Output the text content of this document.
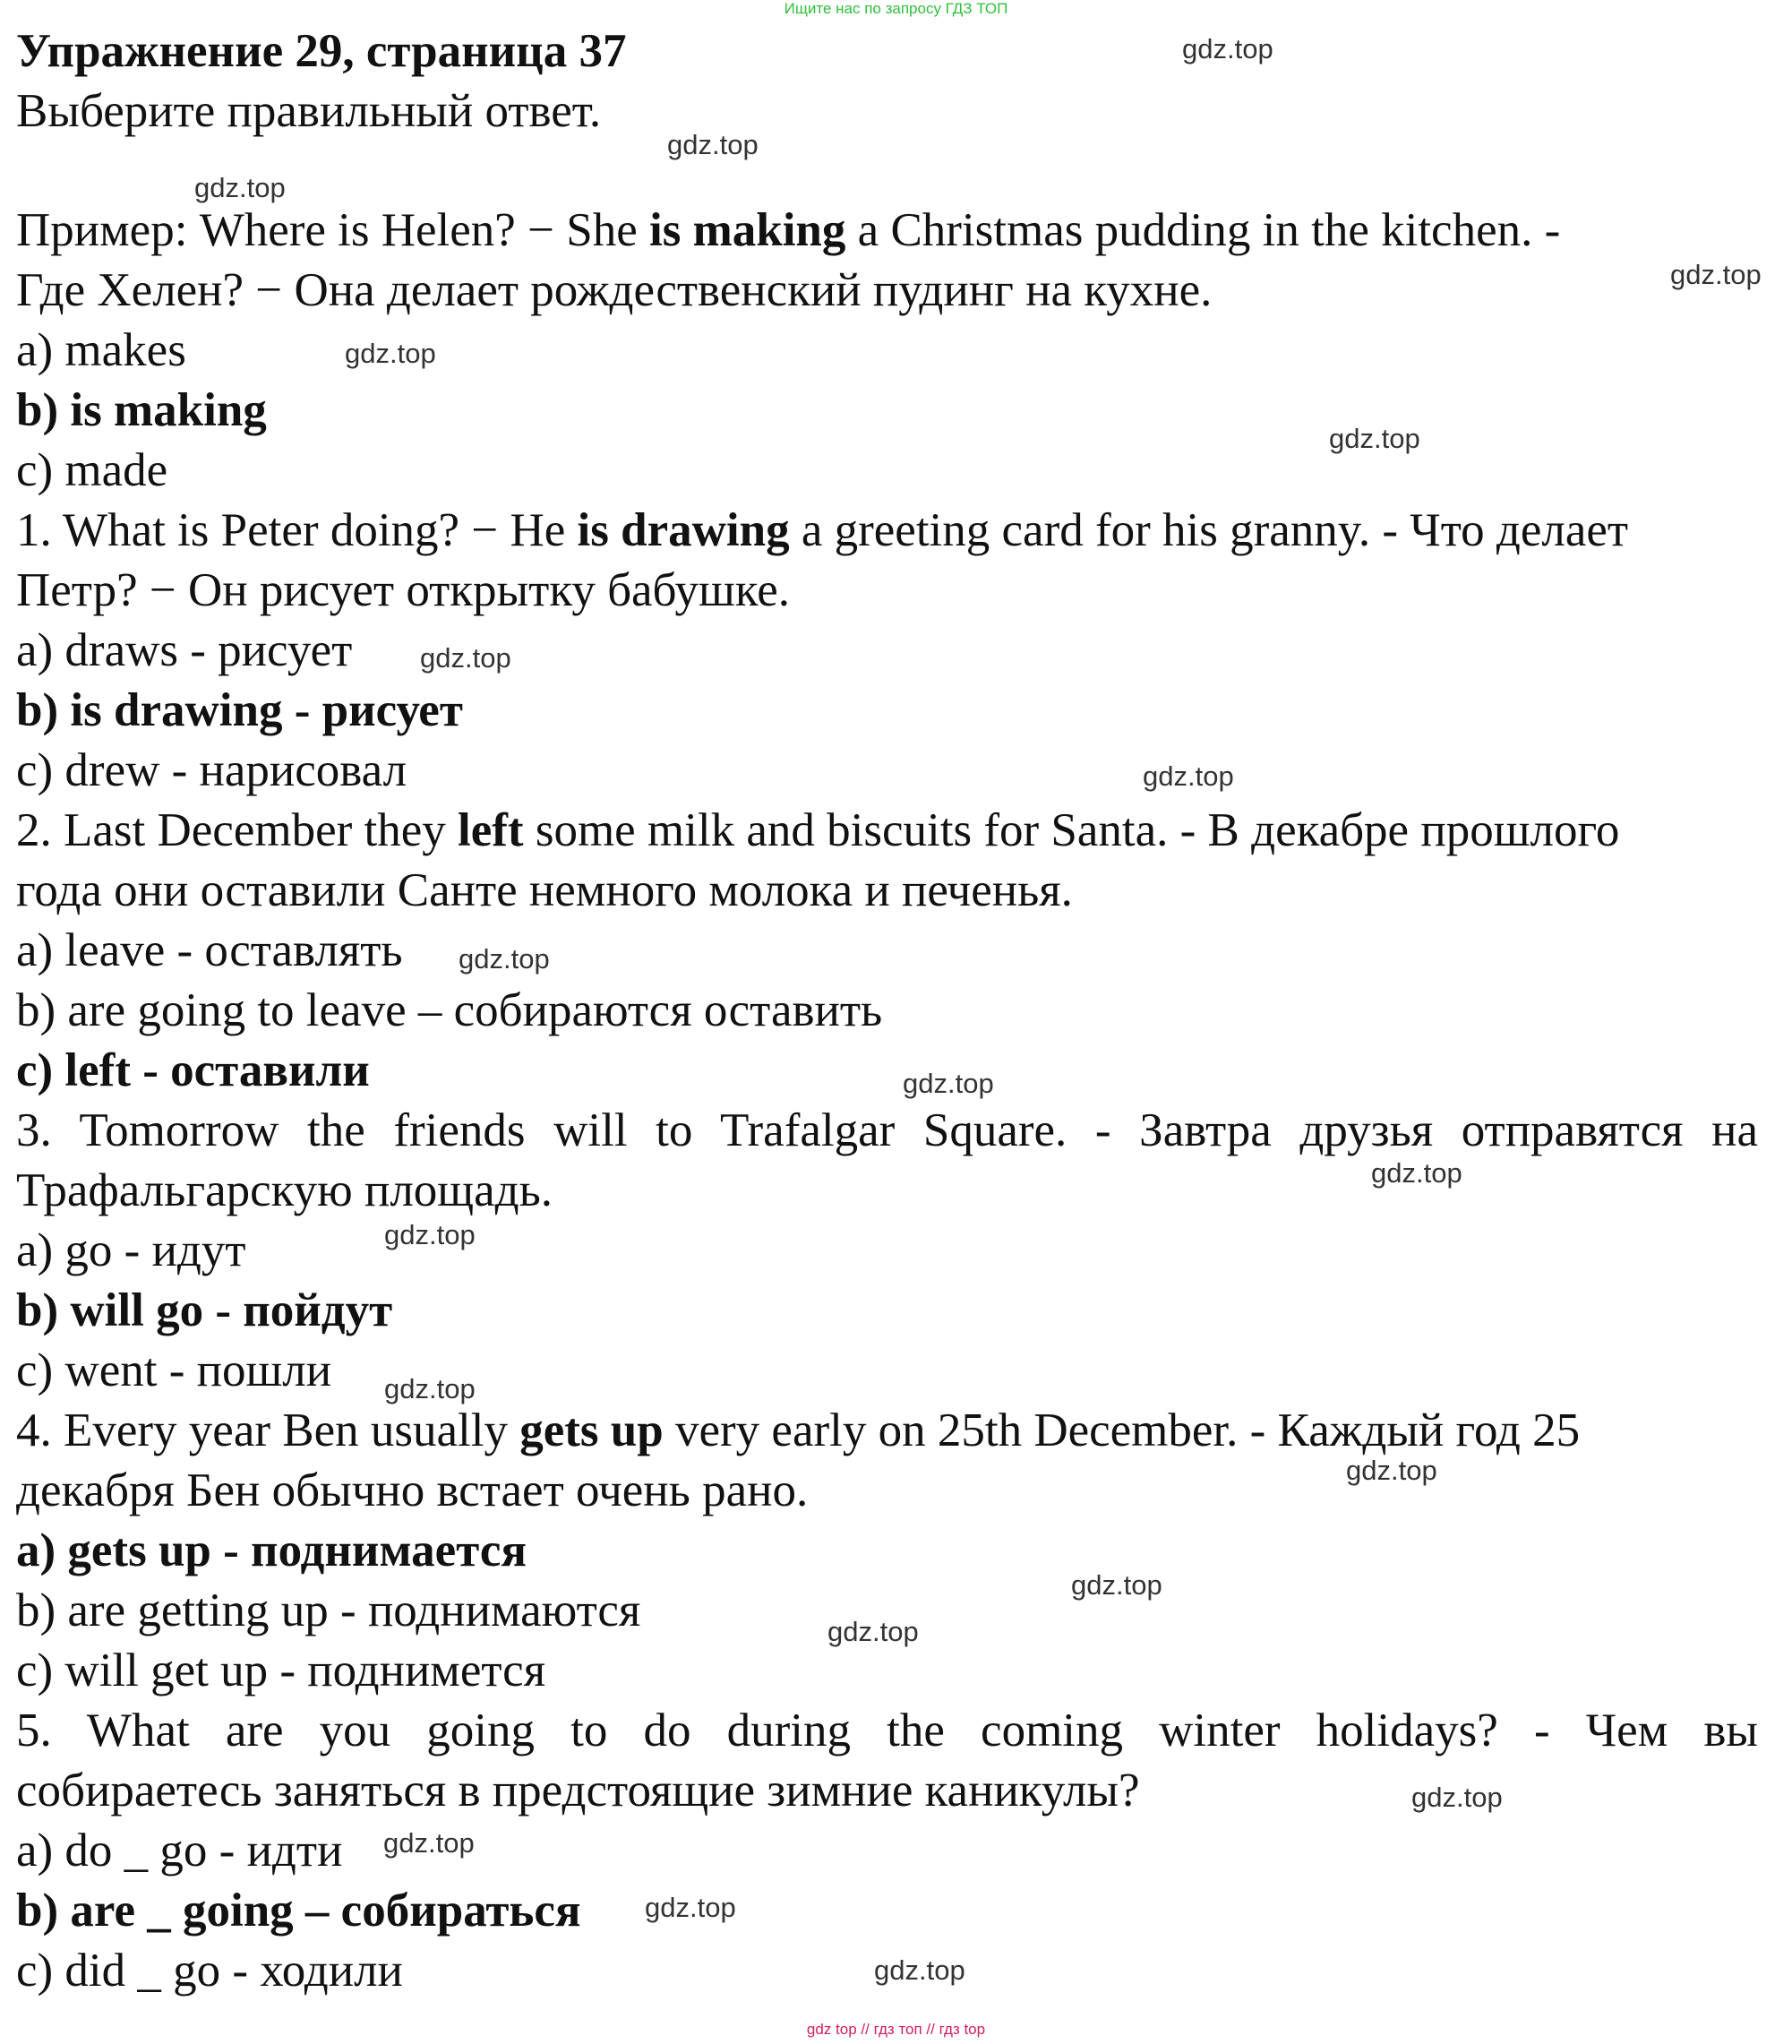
Ищите нас по запросу ГДЗ ТОП
Упражнение 29, страница 37
Выберите правильный ответ.
Пример: Where is Helen? − She is making a Christmas pudding in the kitchen. -
Где Хелен? − Она делает рождественский пудинг на кухне.
a) makes
b) is making
c) made
1. What is Peter doing? − He is drawing a greeting card for his granny. - Что делает
Петр? − Он рисует открытку бабушке.
a) draws - рисует
b) is drawing - рисует
c) drew - нарисовал
2. Last December they left some milk and biscuits for Santa. - В декабре прошлого
года они оставили Санте немного молока и печенья.
a) leave - оставлять
b) are going to leave – собираются оставить
c) left - оставили
3. Tomorrow the friends will to Trafalgar Square. - Завтра друзья отправятся на
Трафальгарскую площадь.
a) go - идут
b) will go - пойдут
c) went - пошли
4. Every year Ben usually gets up very early on 25th December. - Каждый год 25
декабря Бен обычно встает очень рано.
a) gets up - поднимается
b) are getting up - поднимаются
c) will get up - поднимется
5. What are you going to do during the coming winter holidays? - Чем вы
собираетесь заняться в предстоящие зимние каникулы?
a) do _ go - идти
b) are _ going – собираться
c) did _ go - ходили
gdz.top
gdz.top
gdz.top
gdz.top
gdz.top
gdz.top
gdz.top
gdz.top
gdz.top
gdz.top
gdz.top
gdz.top
gdz.top
gdz.top
gdz.top
gdz.top
gdz.top
gdz.top
gdz.top
gdz.top
gdz top // гдз топ // гдз top
